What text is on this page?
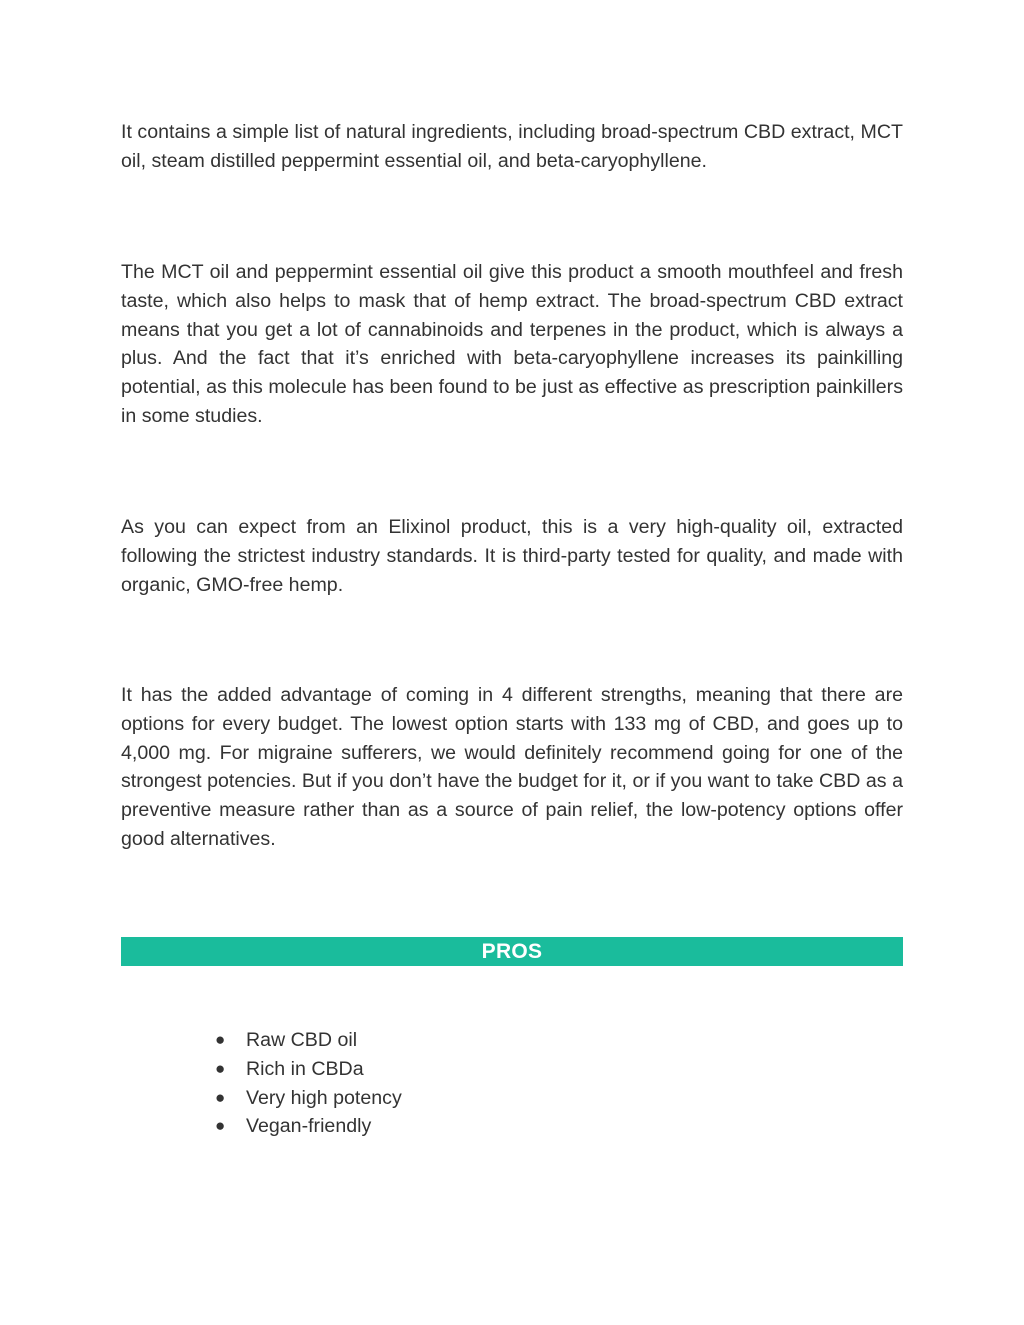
It contains a simple list of natural ingredients, including broad-spectrum CBD extract, MCT oil, steam distilled peppermint essential oil, and beta-caryophyllene.

The MCT oil and peppermint essential oil give this product a smooth mouthfeel and fresh taste, which also helps to mask that of hemp extract. The broad-spectrum CBD extract means that you get a lot of cannabinoids and terpenes in the product, which is always a plus. And the fact that it’s enriched with beta-caryophyllene increases its painkilling potential, as this molecule has been found to be just as effective as prescription painkillers in some studies.

As you can expect from an Elixinol product, this is a very high-quality oil, extracted following the strictest industry standards. It is third-party tested for quality, and made with organic, GMO-free hemp.

It has the added advantage of coming in 4 different strengths, meaning that there are options for every budget. The lowest option starts with 133 mg of CBD, and goes up to 4,000 mg. For migraine sufferers, we would definitely recommend going for one of the strongest potencies. But if you don’t have the budget for it, or if you want to take CBD as a preventive measure rather than as a source of pain relief, the low-potency options offer good alternatives.

PROS
●	Raw CBD oil
●	Rich in CBDa
●	Very high potency
●	Vegan-friendly
